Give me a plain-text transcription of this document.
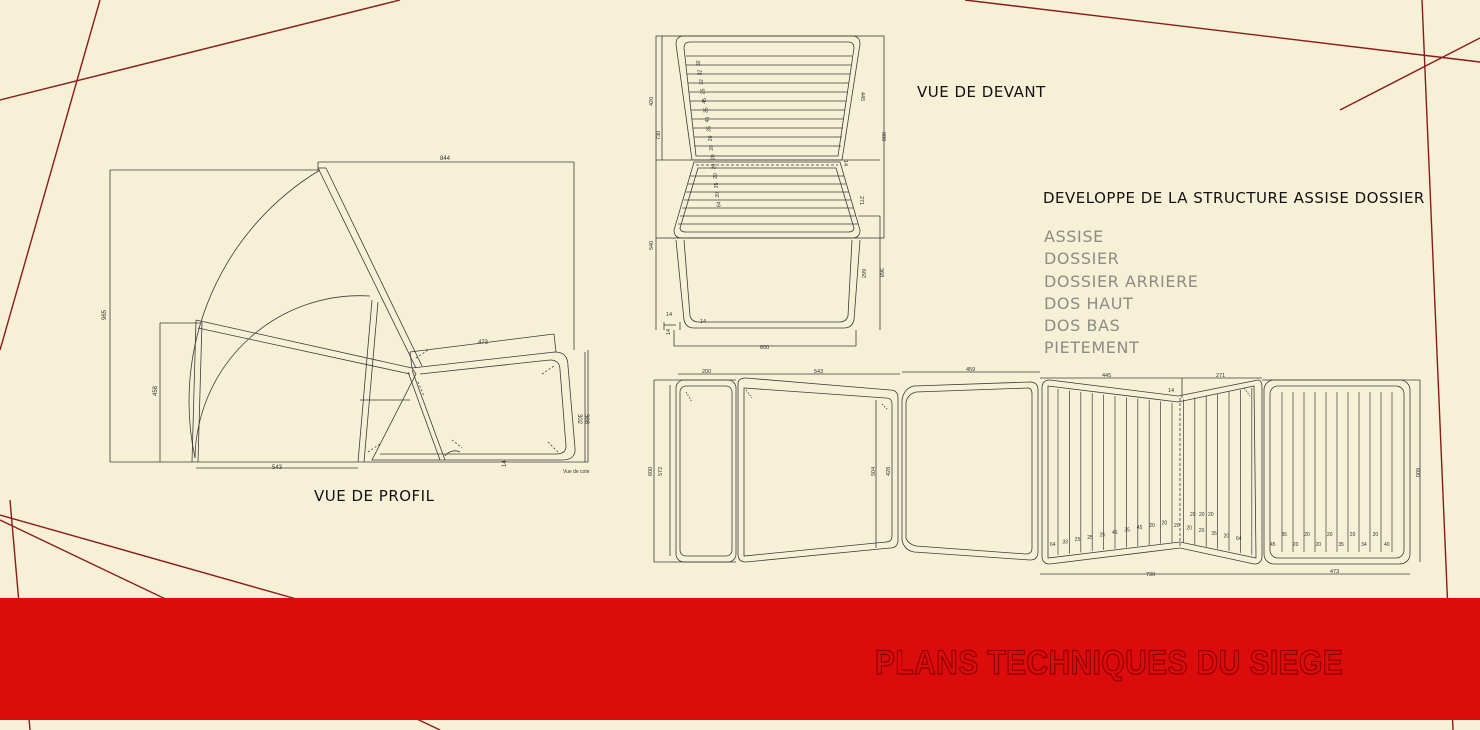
844
965
458
543
473
302 368
14
Vue de cote
420
730
445
888
540
271
299 368
600
14
14
14
14
32
32
32
25
45
35
45
35
20
20
20
20
20
35
20
64
200	543	459
445	271
14
600 572	504 428	600
730	473
64 33 25 25 25 45 35 45 20 20 20 20 20 35 20 64
45
35
20
20
20
20
35
20
34
20
40
20 20 20
VUE DE PROFIL
VUE DE DEVANT
DEVELOPPE DE LA STRUCTURE ASSISE DOSSIER
ASSISE
DOSSIER
DOSSIER ARRIERE
DOS HAUT
DOS BAS
PIETEMENT
PLANS TECHNIQUES DU SIEGE
